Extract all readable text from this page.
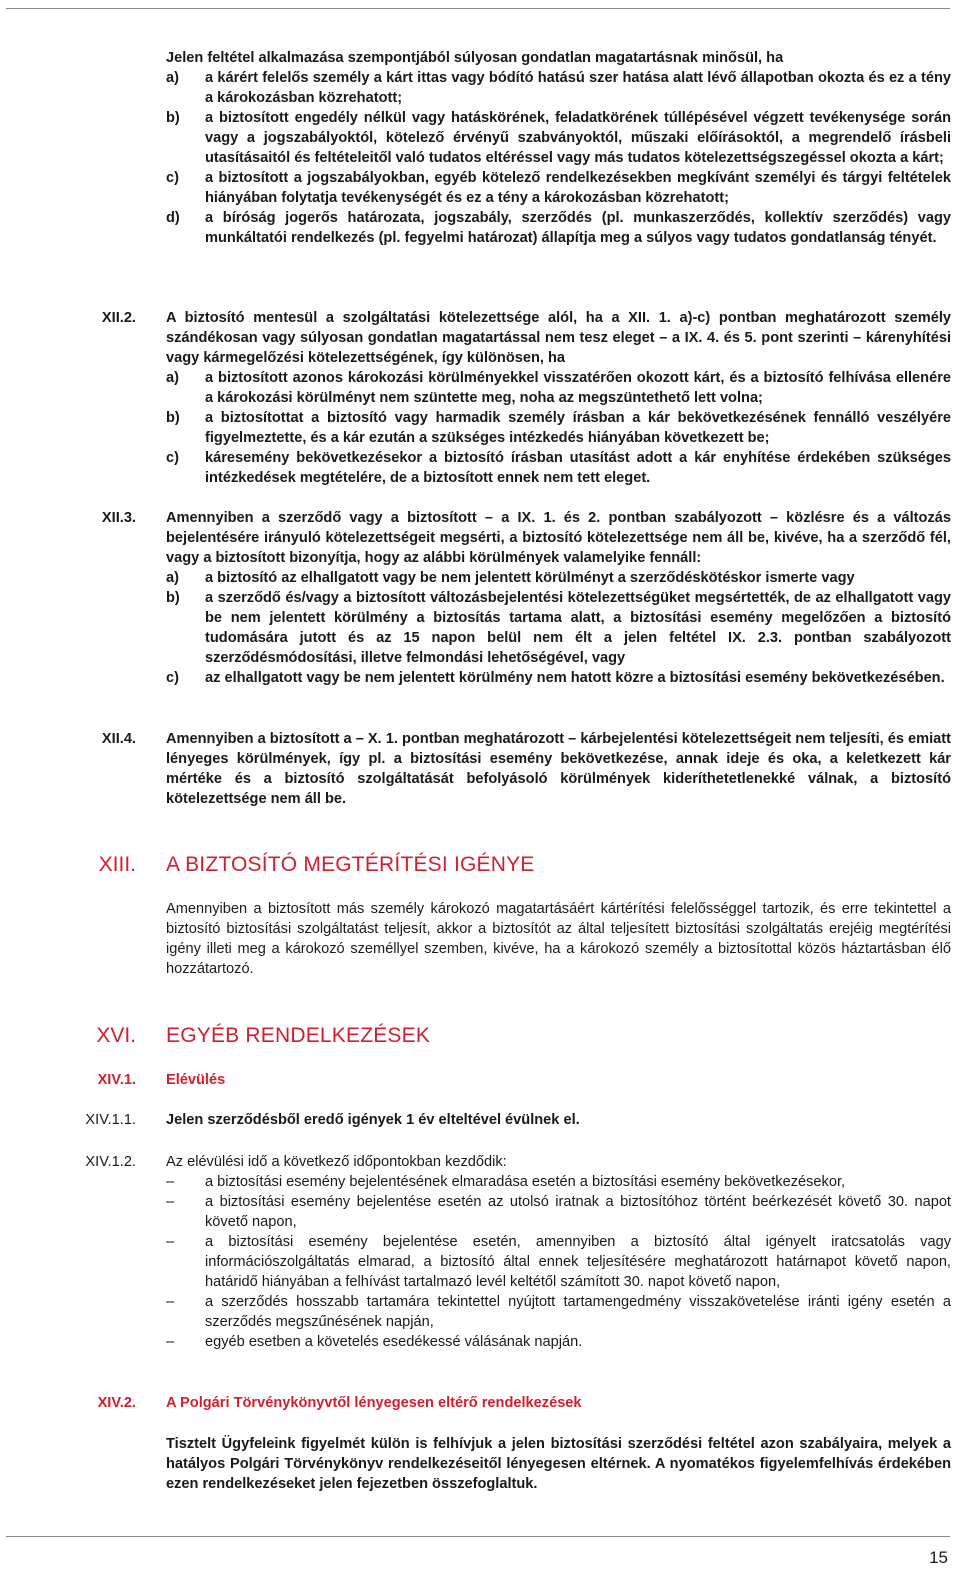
Jelen feltétel alkalmazása szempontjából súlyosan gondatlan magatartásnak minősül, ha

a)	a kárért felelős személy a kárt ittas vagy bódító hatású szer hatása alatt lévő állapotban okozta és ez a tény a károkozásban közrehatott;
b)	a biztosított engedély nélkül vagy hatáskörének, feladatkörének túllépésével végzett tevékenysége során vagy a jogszabályoktól, kötelező érvényű szabványoktól, műszaki előírásoktól, a megrendelő írásbeli utasításaitól és feltételeitől való tudatos eltéréssel vagy más tudatos kötelezettségszegéssel okozta a kárt;
c)	a biztosított a jogszabályokban, egyéb kötelező rendelkezésekben megkívánt személyi és tárgyi feltételek hiányában folytatja tevékenységét és ez a tény a károkozásban közrehatott;
d)	a bíróság jogerős határozata, jogszabály, szerződés (pl. munkaszerződés, kollektív szerződés) vagy munkáltatói rendelkezés (pl. fegyelmi határozat) állapítja meg a súlyos vagy tudatos gondatlanság tényét.
XII.2. A biztosító mentesül a szolgáltatási kötelezettsége alól, ha a XII. 1. a)-c) pontban meghatározott személy szándékosan vagy súlyosan gondatlan magatartással nem tesz eleget – a IX. 4. és 5. pont szerinti – kárenyhítési vagy kármegelőzési kötelezettségének, így különösen, ha

a)	a biztosított azonos károkozási körülményekkel visszatérően okozott kárt, és a biztosító felhívása ellenére a károkozási körülményt nem szüntette meg, noha az megszüntethető lett volna;
b)	a biztosítottat a biztosító vagy harmadik személy írásban a kár bekövetkezésének fennálló veszélyére figyelmeztette, és a kár ezután a szükséges intézkedés hiányában következett be;
c)	káresemény bekövetkezésekor a biztosító írásban utasítást adott a kár enyhítése érdekében szükséges intézkedések megtételére, de a biztosított ennek nem tett eleget.
XII.3. Amennyiben a szerződő vagy a biztosított – a IX. 1. és 2. pontban szabályozott – közlésre és a változás bejelentésére irányuló kötelezettségeit megsérti, a biztosító kötelezettsége nem áll be, kivéve, ha a szerződő fél, vagy a biztosított bizonyítja, hogy az alábbi körülmények valamelyike fennáll:

a)	a biztosító az elhallgatott vagy be nem jelentett körülményt a szerződéskötéskor ismerte vagy
b)	a szerződő és/vagy a biztosított változásbejelentési kötelezettségüket megsértették, de az elhallgatott vagy be nem jelentett körülmény a biztosítás tartama alatt, a biztosítási esemény megelőzően a biztosító tudomására jutott és az 15 napon belül nem élt a jelen feltétel IX. 2.3. pontban szabályozott szerződésmódosítási, illetve felmondási lehetőségével, vagy
c)	az elhallgatott vagy be nem jelentett körülmény nem hatott közre a biztosítási esemény bekövetkezésében.
XII.4. Amennyiben a biztosított a – X. 1. pontban meghatározott – kárbejelentési kötelezettségeit nem teljesíti, és emiatt lényeges körülmények, így pl. a biztosítási esemény bekövetkezése, annak ideje és oka, a keletkezett kár mértéke és a biztosító szolgáltatását befolyásoló körülmények kideríthetetlenekké válnak, a biztosító kötelezettsége nem áll be.
XIII. A BIZTOSÍTÓ MEGTÉRÍTÉSI IGÉNYE
Amennyiben a biztosított más személy károkozó magatartásáért kártérítési felelősséggel tartozik, és erre tekintettel a biztosító biztosítási szolgáltatást teljesít, akkor a biztosítót az által teljesített biztosítási szolgáltatás erejéig megtérítési igény illeti meg a károkozó személlyel szemben, kivéve, ha a károkozó személy a biztosítottal közös háztartásban élő hozzátartozó.
XVI. EGYÉB RENDELKEZÉSEK
XIV.1. Elévülés
XIV.1.1. Jelen szerződésből eredő igények 1 év elteltével évülnek el.
XIV.1.2. Az elévülési idő a következő időpontokban kezdődik:

–	a biztosítási esemény bejelentésének elmaradása esetén a biztosítási esemény bekövetkezésekor,
–	a biztosítási esemény bejelentése esetén az utolsó iratnak a biztosítóhoz történt beérkezését követő 30. napot követő napon,
–	a biztosítási esemény bejelentése esetén, amennyiben a biztosító által igényelt iratcsatolás vagy információszolgáltatás elmarad, a biztosító által ennek teljesítésére meghatározott határnapot követő napon, határidő hiányában a felhívást tartalmazó levél keltétől számított 30. napot követő napon,
–	a szerződés hosszabb tartamára tekintettel nyújtott tartamengedmény visszakövetelése iránti igény esetén a szerződés megszűnésének napján,
–	egyéb esetben a követelés esedékessé válásának napján.
XIV.2. A Polgári Törvénykönyvtől lényegesen eltérő rendelkezések
Tisztelt Ügyfeleink figyelmét külön is felhívjuk a jelen biztosítási szerződési feltétel azon szabályaira, melyek a hatályos Polgári Törvénykönyv rendelkezéseitől lényegesen eltérnek. A nyomatékos figyelemfelhívás érdekében ezen rendelkezéseket jelen fejezetben összefoglaltuk.
15
